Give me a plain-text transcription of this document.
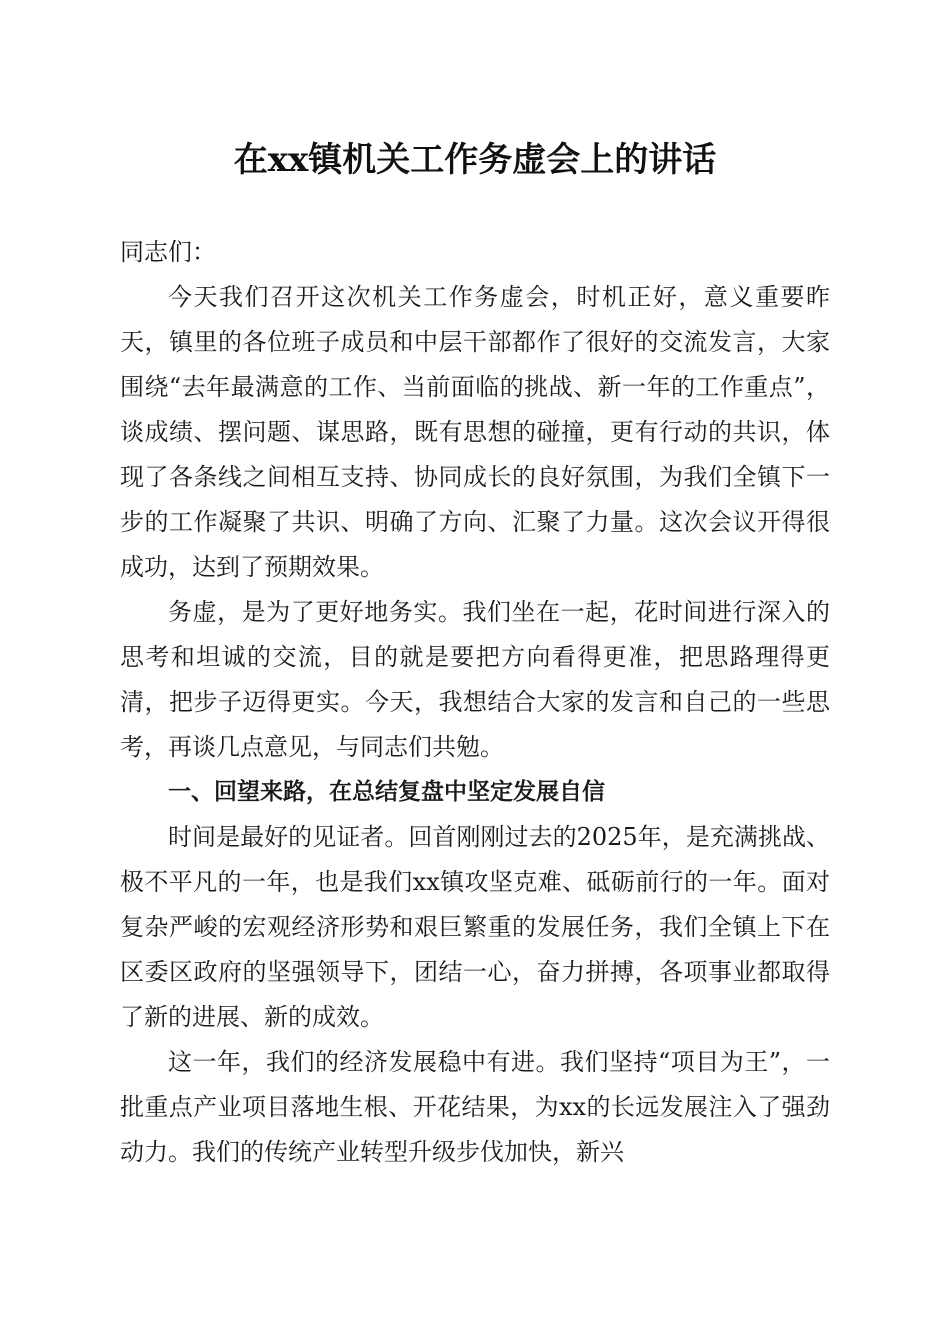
在xx镇机关工作务虚会上的讲话

同志们：

今天我们召开这次机关工作务虚会，时机正好，意义重要昨天，镇里的各位班子成员和中层干部都作了很好的交流发言，大家围绕“去年最满意的工作、当前面临的挑战、新一年的工作重点”，谈成绩、摆问题、谋思路，既有思想的碰撞，更有行动的共识，体现了各条线之间相互支持、协同成长的良好氛围，为我们全镇下一步的工作凝聚了共识、明确了方向、汇聚了力量。这次会议开得很成功，达到了预期效果。

务虚，是为了更好地务实。我们坐在一起，花时间进行深入的思考和坦诚的交流，目的就是要把方向看得更准，把思路理得更清，把步子迈得更实。今天，我想结合大家的发言和自己的一些思考，再谈几点意见，与同志们共勉。

一、回望来路，在总结复盘中坚定发展自信

时间是最好的见证者。回首刚刚过去的2025年，是充满挑战、极不平凡的一年，也是我们xx镇攻坚克难、砥砺前行的一年。面对复杂严峻的宏观经济形势和艰巨繁重的发展任务，我们全镇上下在区委区政府的坚强领导下，团结一心，奋力拼搏，各项事业都取得了新的进展、新的成效。

这一年，我们的经济发展稳中有进。我们坚持“项目为王”，一批重点产业项目落地生根、开花结果，为xx的长远发展注入了强劲动力。我们的传统产业转型升级步伐加快，新兴
